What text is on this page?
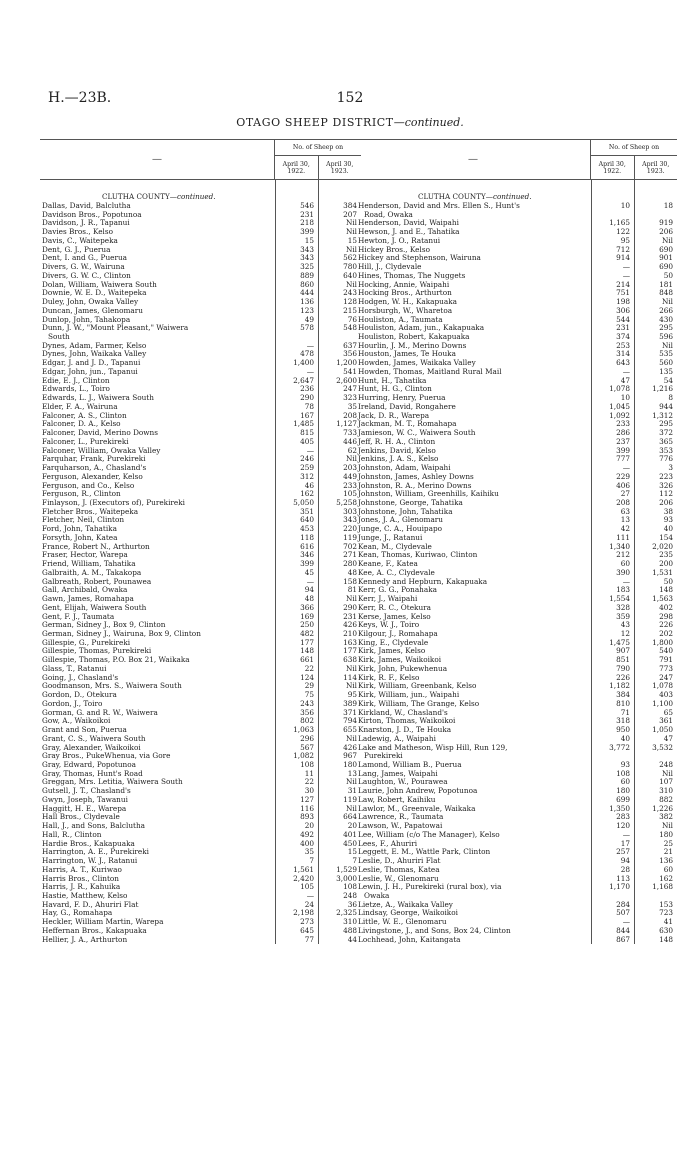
H.—23B.	152
OTAGO SHEEP DISTRICT—continued.
—
No. of Sheep on
April 30, 1922.
April 30, 1923.
CLUTHA COUNTY—continued.
Dallas, David, Balclutha	546	384
Davidson Bros., Popotunoa	231	207
Davidson, J. R., Tapanui	218	Nil
Davies Bros., Kelso	399	Nil
Davis, C., Waitepeka	15	15
Dent, G. J., Puerua	343	Nil
Dent, I. and G., Puerua	343	562
Divers, G. W., Wairuna	325	780
Divers, G. W. C., Clinton	889	640
Dolan, William, Waiwera South	860	Nil
Downie, W. E. D., Waitepeka	444	243
Duley, John, Owaka Valley	136	128
Duncan, James, Glenomaru	123	215
Dunlop, John, Tahakopa	49	76
Dunn, J. W., "Mount Pleasant," Waiwera	578	548
South
Dynes, Adam, Farmer, Kelso	—	637
Dynes, John, Waikaka Valley	478	356
Edgar, J. and J. D., Tapanui	1,400	1,200
Edgar, John, jun., Tapanui	—	541
Edie, E. J., Clinton	2,647	2,600
Edwards, L., Toiro	236	247
Edwards, L. J., Waiwera South	290	323
Elder, F. A., Wairuna	78	35
Falconer, A. S., Clinton	167	208
Falconer, D. A., Kelso	1,485	1,127
Falconer, David, Merino Downs	815	733
Falconer, L., Purekireki	405	446
Falconer, William, Owaka Valley	—	62
Farquhar, Frank, Purekireki	246	Nil
Farquharson, A., Chasland's	259	203
Ferguson, Alexander, Kelso	312	449
Ferguson, and Co., Kelso	46	233
Ferguson, R., Clinton	162	105
Finlayson, J. (Executors of), Purekireki	5,050	5,258
Fletcher Bros., Waitepeka	351	303
Fletcher, Neil, Clinton	640	343
Ford, John, Tahatika	453	220
Forsyth, John, Katea	118	119
France, Robert N., Arthurton	616	702
Fraser, Hector, Warepa	346	271
Friend, William, Tahatika	399	280
Galbraith, A. M., Takakopa	45	48
Galbreath, Robert, Pounawea	—	158
Gall, Archibald, Owaka	94	81
Gawn, James, Romahapa	48	Nil
Gent, Elijah, Waiwera South	366	290
Gent, F. J., Taumata	169	231
German, Sidney J., Box 9, Clinton	250	426
German, Sidney J., Wairuna, Box 9, Clinton	482	210
Gillespie, G., Purekireki	177	163
Gillespie, Thomas, Purekireki	148	177
Gillespie, Thomas, P.O. Box 21, Waikaka	661	638
Glass, T., Ratanui	22	Nil
Going, J., Chasland's	124	114
Goodmanson, Mrs. S., Waiwera South	29	Nil
Gordon, D., Otekura	75	95
Gordon, J., Toiro	243	389
Gorman, G. and R. W., Waiwera	356	371
Gow, A., Waikoikoi	802	794
Grant and Son, Puerua	1,063	655
Grant, C. S., Waiwera South	296	Nil
Gray, Alexander, Waikoikoi	567	426
Gray Bros., PukeWhenua, via Gore	1,082	967
Gray, Edward, Popotunoa	108	180
Gray, Thomas, Hunt's Road	11	13
Greggan, Mrs. Letitia, Waiwera South	22	Nil
Gutsell, J. T., Chasland's	30	31
Gwyn, Joseph, Tawanui	127	119
Haggitt, H. E., Warepa	116	Nil
Hall Bros., Clydevale	893	664
Hall, J., and Sons, Balclutha	20	20
Hall, R., Clinton	492	401
Hardie Bros., Kakapuaka	400	450
Harrington, A. E., Purekireki	35	15
Harrington, W. J., Ratanui	7	7
Harris, A. T., Kuriwao	1,561	1,529
Harris Bros., Clinton	2,420	3,000
Harris, J. R., Kahuika	105	108
Hastie, Matthew, Kelso	—	248
Havard, F. D., Ahuriri Flat	24	36
Hay, G., Romahapa	2,198	2,325
Heckler, William Martin, Warepa	273	310
Heffernan Bros., Kakapuaka	645	488
Hellier, J. A., Arthurton	77	44
—
No. of Sheep on
April 30, 1922.
April 30, 1923.
CLUTHA COUNTY—continued.
Henderson, David and Mrs. Ellen S., Hunt's	10	18
Road, Owaka
Henderson, David, Waipahi	1,165	919
Hewson, J. and E., Tahatika	122	206
Hewton, J. O., Ratanui	95	Nil
Hickey Bros., Kelso	712	690
Hickey and Stephenson, Wairuna	914	901
Hill, J., Clydevale	—	690
Hines, Thomas, The Nuggets	—	50
Hocking, Annie, Waipahi	214	181
Hocking Bros., Arthurton	751	848
Hodgen, W. H., Kakapuaka	198	Nil
Horsburgh, W., Wharetoa	306	266
Houliston, A., Taumata	544	430
Houliston, Adam, jun., Kakapuaka	231	295
Houliston, Robert, Kakapuaka	374	596
Hourlin, J. M., Merino Downs	253	Nil
Houston, James, Te Houka	314	535
Howden, James, Waikaka Valley	643	560
Howden, Thomas, Maitland Rural Mail	—	135
Hunt, H., Tahatika	47	54
Hunt, H. G., Clinton	1,078	1,216
Hurring, Henry, Puerua	10	8
Ireland, David, Rongahere	1,045	944
Jack, D. R., Warepa	1,092	1,312
Jackman, M. T., Romahapa	233	295
Jamieson, W. C., Waiwera South	286	372
Jeff, R. H. A., Clinton	237	365
Jenkins, David, Kelso	399	353
Jenkins, J. A. S., Kelso	777	776
Johnston, Adam, Waipahi	—	3
Johnston, James, Ashley Downs	229	223
Johnston, R. A., Merino Downs	406	326
Johnston, William, Greenhills, Kaihiku	27	112
Johnstone, George, Tahatika	208	206
Johnstone, John, Tahatika	63	38
Jones, J. A., Glenomaru	13	93
Junge, C. A., Houipapo	42	40
Junge, J., Ratanui	111	154
Kean, M., Clydevale	1,340	2,020
Kean, Thomas, Kuriwao, Clinton	212	235
Keane, F., Katea	60	200
Kee, A. C., Clydevale	390	1,531
Kennedy and Hepburn, Kakapuaka	—	50
Kerr, G. G., Ponahaka	183	148
Kerr, J., Waipahi	1,554	1,563
Kerr, R. C., Otekura	328	402
Kerse, James, Kelso	359	298
Keys, W. J., Toiro	43	226
Kilgour, J., Romahapa	12	202
King, E., Clydevale	1,475	1,800
Kirk, James, Kelso	907	540
Kirk, James, Waikoikoi	851	791
Kirk, John, Pukewhenua	790	773
Kirk, R. F., Kelso	226	247
Kirk, William, Greenbank, Kelso	1,182	1,078
Kirk, William, jun., Waipahi	384	403
Kirk, William, The Grange, Kelso	810	1,100
Kirkland, W., Chasland's	71	65
Kirton, Thomas, Waikoikoi	318	361
Knarston, J. D., Te Houka	950	1,050
Ladewig, A., Waipahi	40	47
Lake and Matheson, Wisp Hill, Run 129,	3,772	3,532
Purekireki
Lamond, William B., Puerua	93	248
Lang, James, Waipahi	108	Nil
Laughton, W., Pourawea	60	107
Laurie, John Andrew, Popotunoa	180	310
Law, Robert, Kaihiku	699	882
Lawlor, M., Greenvale, Waikaka	1,350	1,226
Lawrence, R., Taumata	283	382
Lawson, W., Papatowai	120	Nil
Lee, William (c/o The Manager), Kelso	—	180
Lees, F., Ahuriri	17	25
Leggett, E. M., Wattle Park, Clinton	257	21
Leslie, D., Ahuriri Flat	94	136
Leslie, Thomas, Katea	28	60
Leslie, W., Glenomaru	113	162
Lewin, J. H., Purekireki (rural box), via	1,170	1,168
Owaka
Lietze, A., Waikaka Valley	284	153
Lindsay, George, Waikoikoi	507	723
Little, W. E., Glenomaru	—	41
Livingstone, J., and Sons, Box 24, Clinton	844	630
Lochhead, John, Kaitangata	867	148
